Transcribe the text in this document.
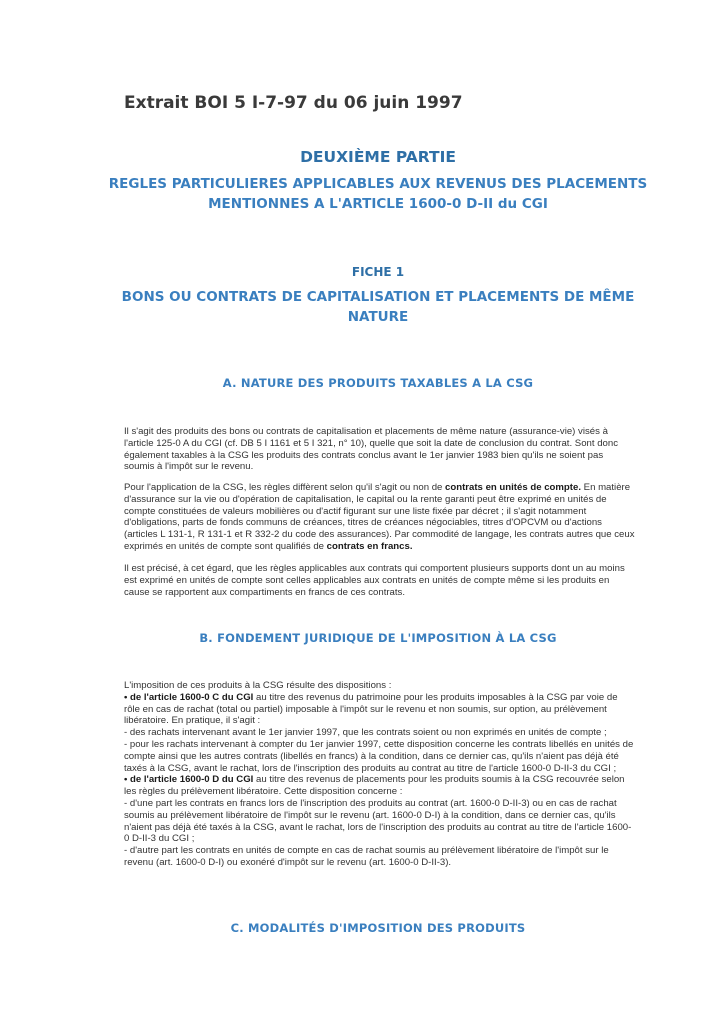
Extrait BOI 5 I-7-97 du 06 juin 1997
DEUXIÈME PARTIE
REGLES PARTICULIERES APPLICABLES AUX REVENUS DES PLACEMENTS MENTIONNES A L'ARTICLE 1600-0 D-II du CGI
FICHE 1
BONS OU CONTRATS DE CAPITALISATION ET PLACEMENTS DE MÊME NATURE
A. NATURE DES PRODUITS TAXABLES A LA CSG

Il s'agit des produits des bons ou contrats de capitalisation et placements de même nature (assurance-vie) visés à l'article 125-0 A du CGI (cf. DB 5 I 1161 et 5 I 321, n° 10), quelle que soit la date de conclusion du contrat. Sont donc également taxables à la CSG les produits des contrats conclus avant le 1er janvier 1983 bien qu'ils ne soient pas soumis à l'impôt sur le revenu.

Pour l'application de la CSG, les règles diffèrent selon qu'il s'agit ou non de contrats en unités de compte. En matière d'assurance sur la vie ou d'opération de capitalisation, le capital ou la rente garanti peut être exprimé en unités de compte constituées de valeurs mobilières ou d'actif figurant sur une liste fixée par décret ; il s'agit notamment d'obligations, parts de fonds communs de créances, titres de créances négociables, titres d'OPCVM ou d'actions (articles L 131-1, R 131-1 et R 332-2 du code des assurances). Par commodité de langage, les contrats autres que ceux exprimés en unités de compte sont qualifiés de contrats en francs.

Il est précisé, à cet égard, que les règles applicables aux contrats qui comportent plusieurs supports dont un au moins est exprimé en unités de compte sont celles applicables aux contrats en unités de compte même si les produits en cause se rapportent aux compartiments en francs de ces contrats.

B. FONDEMENT JURIDIQUE DE L'IMPOSITION À LA CSG
L'imposition de ces produits à la CSG résulte des dispositions :
• de l'article 1600-0 C du CGI au titre des revenus du patrimoine pour les produits imposables à la CSG par voie de rôle en cas de rachat (total ou partiel) imposable à l'impôt sur le revenu et non soumis, sur option, au prélèvement libératoire. En pratique, il s'agit :
- des rachats intervenant avant le 1er janvier 1997, que les contrats soient ou non exprimés en unités de compte ;
- pour les rachats intervenant à compter du 1er janvier 1997, cette disposition concerne les contrats libellés en unités de compte ainsi que les autres contrats (libellés en francs) à la condition, dans ce dernier cas, qu'ils n'aient pas déjà été taxés à la CSG, avant le rachat, lors de l'inscription des produits au contrat au titre de l'article 1600-0 D-II-3 du CGI ;
• de l'article 1600-0 D du CGI au titre des revenus de placements pour les produits soumis à la CSG recouvrée selon les règles du prélèvement libératoire. Cette disposition concerne :
- d'une part les contrats en francs lors de l'inscription des produits au contrat (art. 1600-0 D-II-3) ou en cas de rachat soumis au prélèvement libératoire de l'impôt sur le revenu (art. 1600-0 D-I) à la condition, dans ce dernier cas, qu'ils n'aient pas déjà été taxés à la CSG, avant le rachat, lors de l'inscription des produits au contrat au titre de l'article 1600-0 D-II-3 du CGI ;
- d'autre part les contrats en unités de compte en cas de rachat soumis au prélèvement libératoire de l'impôt sur le revenu (art. 1600-0 D-I) ou exonéré d'impôt sur le revenu (art. 1600-0 D-II-3).
C. MODALITÉS D'IMPOSITION DES PRODUITS
